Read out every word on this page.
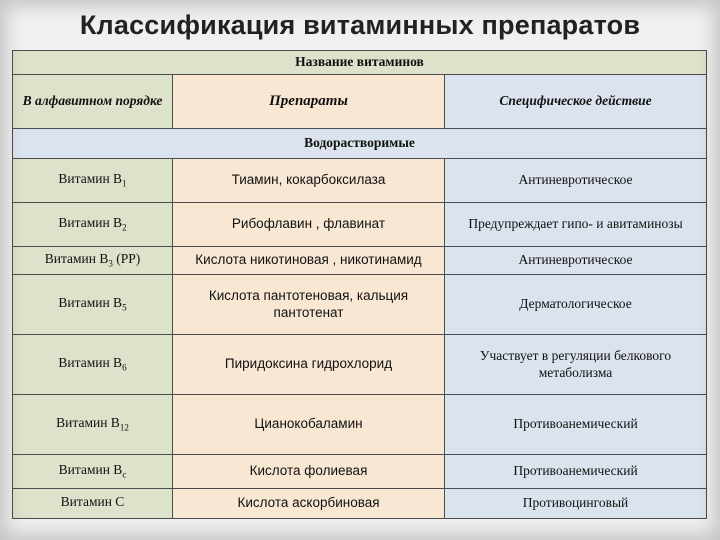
Классификация витаминных препаратов
Название витаминов		
В алфавитном порядке	Препараты	Специфическое действие
Водорастворимые		
Витамин $В_1$	Тиамин, кокарбоксилаза	Антиневротическое
Витамин $В_2$	Рибофлавин , флавинат	Предупреждает гипо- и авитаминозы
Витамин $В_3$ (PP)	Кислота никотиновая , никотинамид	Антиневротическое
Витамин $В_5$	Кислота пантотеновая, кальция пантотенат	Дерматологическое
Витамин $В_6$	Пиридоксина гидрохлорид	Участвует в регуляции белкового метаболизма
Витамин $В_{12}$	Цианокобаламин	Противоанемический
Витамин $В_c$	Кислота фолиевая	Противоанемический
Витамин С	Кислота аскорбиновая	Противоцинговый
